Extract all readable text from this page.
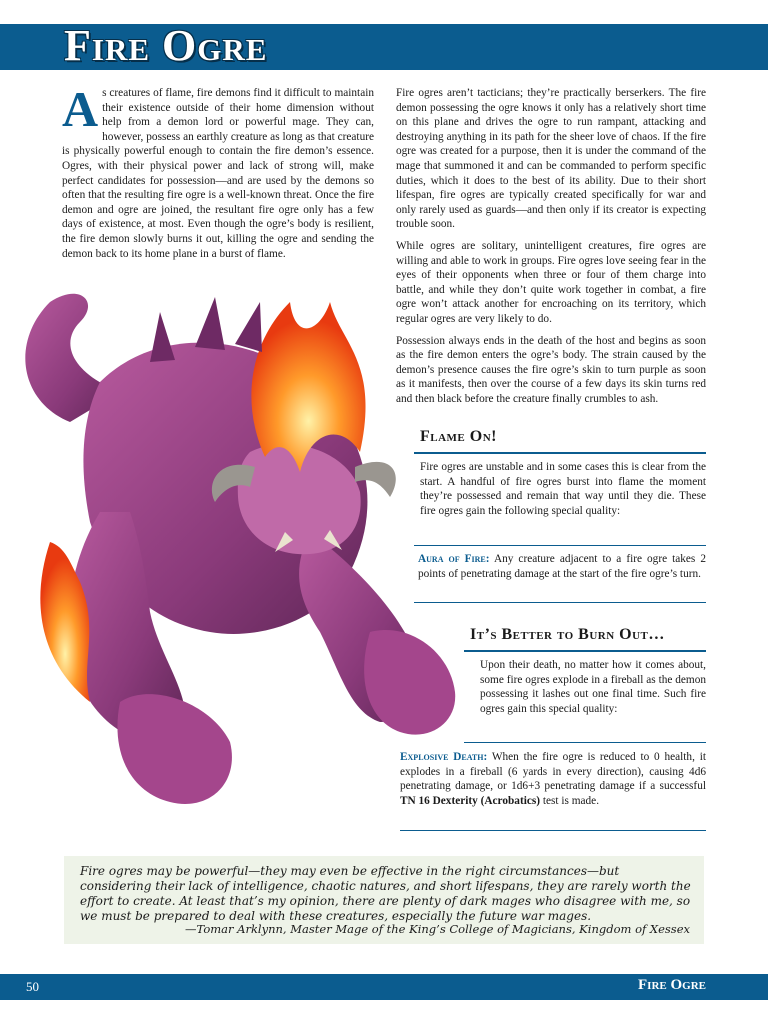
Fire Ogre

As creatures of flame, fire demons find it difficult to maintain their existence outside of their home dimension without help from a demon lord or powerful mage. They can, however, possess an earthly creature as long as that creature is physically powerful enough to contain the fire demon’s essence. Ogres, with their physical power and lack of strong will, make perfect candidates for possession—and are used by the demons so often that the resulting fire ogre is a well-known threat. Once the fire demon and ogre are joined, the resultant fire ogre only has a few days of existence, at most. Even though the ogre’s body is resilient, the fire demon slowly burns it out, killing the ogre and sending the demon back to its home plane in a burst of flame.

Fire ogres aren’t tacticians; they’re practically berserkers. The fire demon possessing the ogre knows it only has a relatively short time on this plane and drives the ogre to run rampant, attacking and destroying anything in its path for the sheer love of chaos. If the fire ogre was created for a purpose, then it is under the command of the mage that summoned it and can be commanded to perform specific duties, which it does to the best of its ability. Due to their short lifespan, fire ogres are typically created specifically for war and only rarely used as guards—and then only if its creator is expecting trouble soon.

While ogres are solitary, unintelligent creatures, fire ogres are willing and able to work in groups. Fire ogres love seeing fear in the eyes of their opponents when three or four of them charge into battle, and while they don’t quite work together in combat, a fire ogre won’t attack another for encroaching on its territory, which regular ogres are very likely to do.

Possession always ends in the death of the host and begins as soon as the fire demon enters the ogre’s body. The strain caused by the demon’s presence causes the fire ogre’s skin to turn purple as soon as it manifests, then over the course of a few days its skin turns red and then black before the creature finally crumbles to ash.

Flame On!

Fire ogres are unstable and in some cases this is clear from the start. A handful of fire ogres burst into flame the moment they’re possessed and remain that way until they die. These fire ogres gain the following special quality:

Aura of Fire: Any creature adjacent to a fire ogre takes 2 points of penetrating damage at the start of the fire ogre’s turn.

It’s Better to Burn Out…

Upon their death, no matter how it comes about, some fire ogres explode in a fireball as the demon possessing it lashes out one final time. Such fire ogres gain this special quality:

Explosive Death: When the fire ogre is reduced to 0 health, it explodes in a fireball (6 yards in every direction), causing 4d6 penetrating damage, or 1d6+3 penetrating damage if a successful TN 16 Dexterity (Acrobatics) test is made.

Fire ogres may be powerful—they may even be effective in the right circumstances—but considering their lack of intelligence, chaotic natures, and short lifespans, they are rarely worth the effort to create. At least that’s my opinion, there are plenty of dark mages who disagree with me, so we must be prepared to deal with these creatures, especially the future war mages.
—Tomar Arklynn, Master Mage of the King’s College of Magicians, Kingdom of Xessex
50	Fire Ogre
